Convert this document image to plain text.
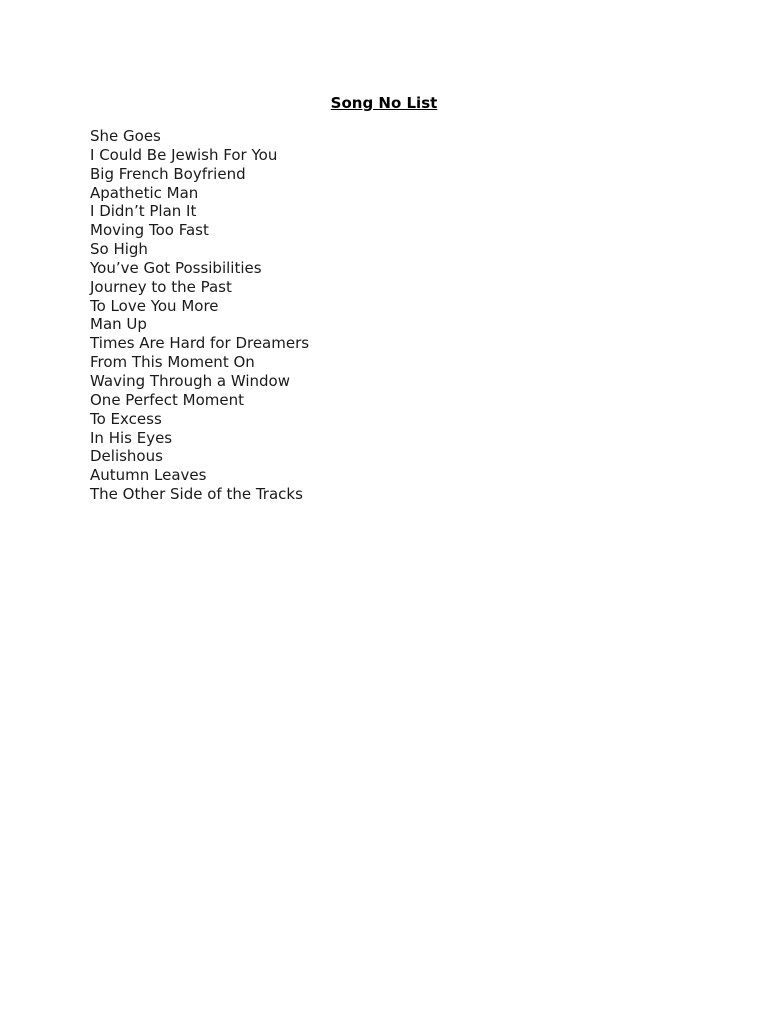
Song No List
She Goes
I Could Be Jewish For You
Big French Boyfriend
Apathetic Man
I Didn’t Plan It
Moving Too Fast
So High
You’ve Got Possibilities
Journey to the Past
To Love You More
Man Up
Times Are Hard for Dreamers
From This Moment On
Waving Through a Window
One Perfect Moment
To Excess
In His Eyes
Delishous
Autumn Leaves
The Other Side of the Tracks
